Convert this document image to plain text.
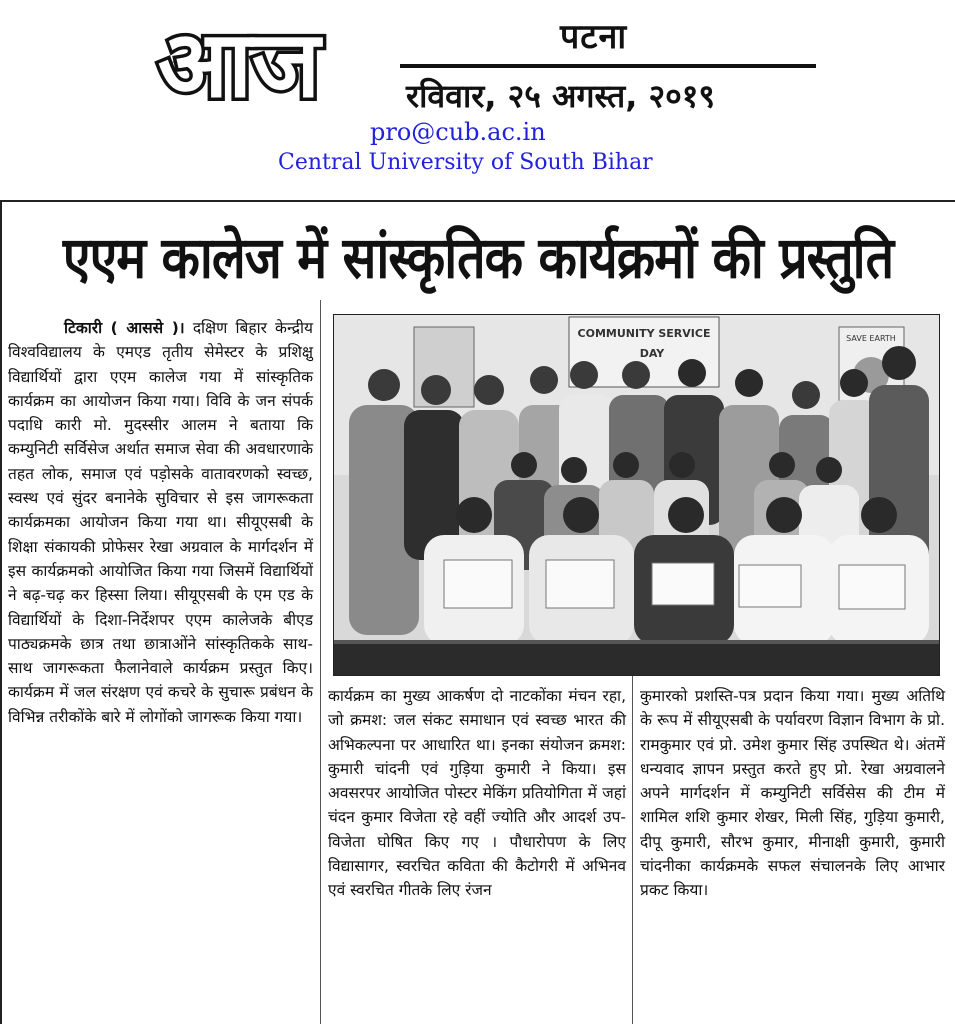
आज	पटना
रविवार, २५ अगस्त, २०१९
pro@cub.ac.in
Central University of South Bihar
एएम कालेज में सांस्कृतिक कार्यक्रमों की प्रस्तुति
टिकारी ( आससे )। दक्षिण बिहार केन्द्रीय विश्वविद्यालय के एमएड तृतीय सेमेस्टर के प्रशिक्षु विद्यार्थियों द्वारा एएम कालेज गया में सांस्कृतिक कार्यक्रम का आयोजन किया गया। विवि के जन संपर्क पदाधि कारी मो. मुदस्सीर आलम ने बताया कि कम्युनिटी सर्विसेज अर्थात समाज सेवा की अवधारणाके तहत लोक, समाज एवं पड़ोसके वातावरणको स्वच्छ, स्वस्थ एवं सुंदर बनानेके सुविचार से इस जागरूकता कार्यक्रमका आयोजन किया गया था। सीयूएसबी के शिक्षा संकायकी प्रोफेसर रेखा अग्रवाल के मार्गदर्शन में इस कार्यक्रमको आयोजित किया गया जिसमें विद्यार्थियों ने बढ़-चढ़ कर हिस्सा लिया। सीयूएसबी के एम एड के विद्यार्थियों के दिशा-निर्देशपर एएम कालेजके बीएड पाठ्यक्रमके छात्र तथा छात्राओंने सांस्कृतिकके साथ- साथ जागरूकता फैलानेवाले कार्यक्रम प्रस्तुत किए। कार्यक्रम में जल संरक्षण एवं कचरे के सुचारू प्रबंधन के विभिन्न तरीकोंके बारे में लोगोंको जागरूक किया गया।
COMMUNITY SERVICE
DAY
SAVE EARTH
कार्यक्रम का मुख्य आकर्षण दो नाटकोंका मंचन रहा, जो क्रमश: जल संकट समाधान एवं स्वच्छ भारत की अभिकल्पना पर आधारित था। इनका संयोजन क्रमश: कुमारी चांदनी एवं गुड़िया कुमारी ने किया। इस अवसरपर आयोजित पोस्टर मेकिंग प्रतियोगिता में जहां चंदन कुमार विजेता रहे वहीं ज्योति और आदर्श उप-विजेता घोषित किए गए । पौधारोपण के लिए विद्यासागर, स्वरचित कविता की कैटोगरी में अभिनव एवं स्वरचित गीतके लिए रंजन
कुमारको प्रशस्ति-पत्र प्रदान किया गया। मुख्य अतिथि के रूप में सीयूएसबी के पर्यावरण विज्ञान विभाग के प्रो. रामकुमार एवं प्रो. उमेश कुमार सिंह उपस्थित थे। अंतमें धन्यवाद ज्ञापन प्रस्तुत करते हुए प्रो. रेखा अग्रवालने अपने मार्गदर्शन में कम्युनिटी सर्विसेस की टीम में शामिल शशि कुमार शेखर, मिली सिंह, गुड़िया कुमारी, दीपू कुमारी, सौरभ कुमार, मीनाक्षी कुमारी, कुमारी चांदनीका कार्यक्रमके सफल संचालनके लिए आभार प्रकट किया।
